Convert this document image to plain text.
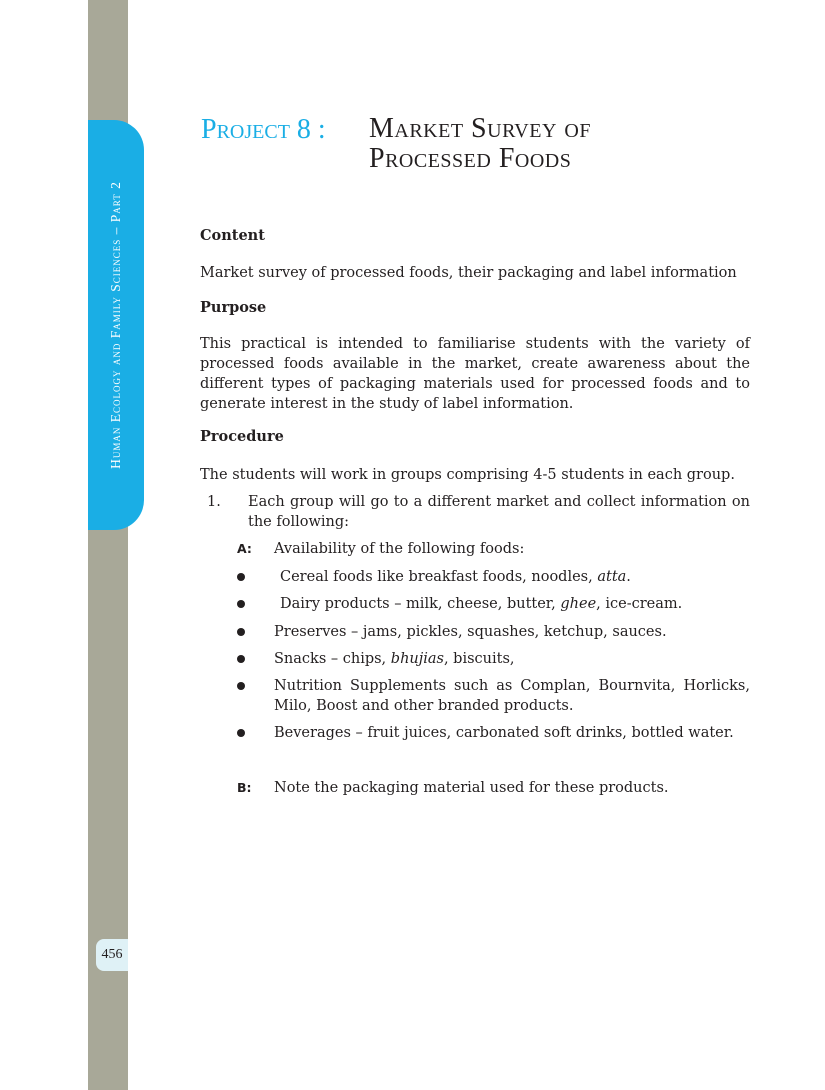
Human Ecology and Family Sciences – Part 2
456
Project 8 : Market Survey of
Processed Foods
Content
Market survey of processed foods, their packaging and label information
Purpose
This practical is intended to familiarise students with the variety of processed foods available in the market, create awareness about the different types of packaging materials used for processed foods and to generate interest in the study of label information.
Procedure
The students will work in groups comprising 4-5 students in each group.
1. Each group will go to a different market and collect information on the following:
A: Availability of the following foods:
Cereal foods like breakfast foods, noodles, atta.
Dairy products – milk, cheese, butter, ghee, ice-cream.
Preserves – jams, pickles, squashes, ketchup, sauces.
Snacks – chips, bhujias, biscuits,
Nutrition Supplements such as Complan, Bournvita, Horlicks, Milo, Boost and other branded products.
Beverages – fruit juices, carbonated soft drinks, bottled water.
B: Note the packaging material used for these products.
